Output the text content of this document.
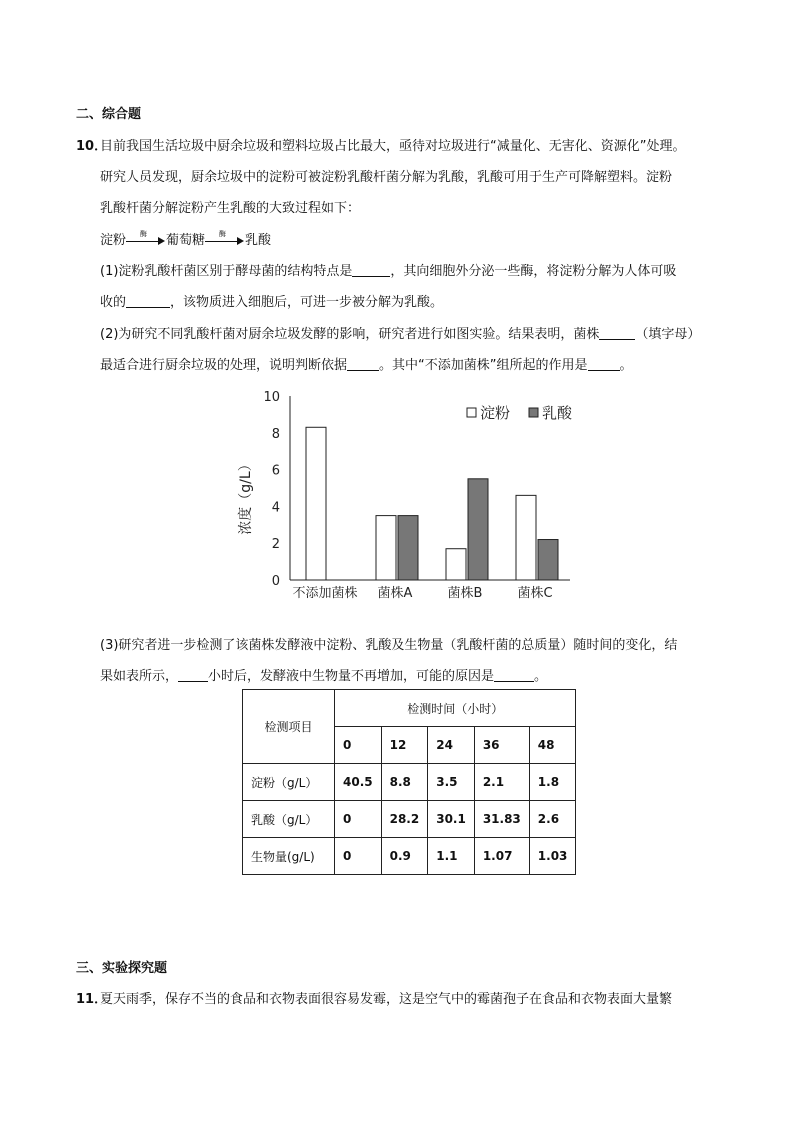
二、综合题
10．
目前我国生活垃圾中厨余垃圾和塑料垃圾占比最大，亟待对垃圾进行“减量化、无害化、资源化”处理。
研究人员发现，厨余垃圾中的淀粉可被淀粉乳酸杆菌分解为乳酸，乳酸可用于生产可降解塑料。淀粉
乳酸杆菌分解淀粉产生乳酸的大致过程如下：
淀粉 酶 葡萄糖 酶 乳酸
(1)淀粉乳酸杆菌区别于酵母菌的结构特点是	，其向细胞外分泌一些酶，将淀粉分解为人体可吸
收的	，该物质进入细胞后，可进一步被分解为乳酸。
(2)为研究不同乳酸杆菌对厨余垃圾发酵的影响，研究者进行如图实验。结果表明，菌株	（填字母）
最适合进行厨余垃圾的处理，说明判断依据 。其中“不添加菌株”组所起的作用是 。
0
2
4
6
8
10
浓度（g/L）
不添加菌株 菌株A	菌株B	菌株C
淀粉 乳酸
(3)研究者进一步检测了该菌株发酵液中淀粉、乳酸及生物量（乳酸杆菌的总质量）随时间的变化，结
果如表所示， 小时后，发酵液中生物量不再增加，可能的原因是	。
检测项目	检测时间（小时）				
	0	12	24	36	48
淀粉（g/L）	40.5	8.8	3.5	2.1	1.8
乳酸（g/L）	0	28.2	30.1	31.83	2.6
生物量(g/L)	0	0.9	1.1	1.07	1.03
三、实验探究题
11．
夏天雨季，保存不当的食品和衣物表面很容易发霉，这是空气中的霉菌孢子在食品和衣物表面大量繁
